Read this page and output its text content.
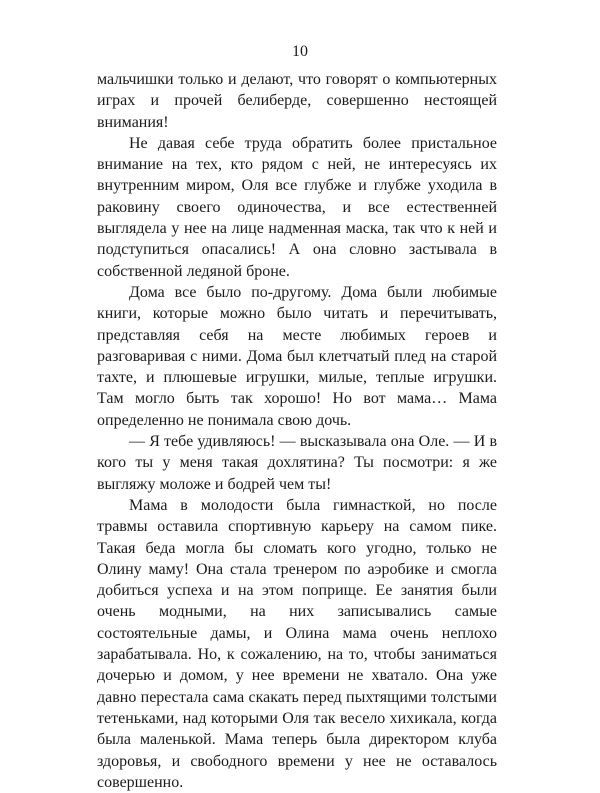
10

мальчишки только и делают, что говорят о компьютерных играх и прочей белиберде, совершенно нестоящей внимания!

Не давая себе труда обратить более пристальное внимание на тех, кто рядом с ней, не интересуясь их внутренним миром, Оля все глубже и глубже уходила в раковину своего одиночества, и все естественней выглядела у нее на лице надменная маска, так что к ней и подступиться опасались! А она словно застывала в собственной ледяной броне.

Дома все было по-другому. Дома были любимые книги, которые можно было читать и перечитывать, представляя себя на месте любимых героев и разговаривая с ними. Дома был клетчатый плед на старой тахте, и плюшевые игрушки, милые, теплые игрушки. Там могло быть так хорошо! Но вот мама… Мама определенно не понимала свою дочь.

— Я тебе удивляюсь! — высказывала она Оле. — И в кого ты у меня такая дохлятина? Ты посмотри: я же выгляжу моложе и бодрей чем ты!

Мама в молодости была гимнасткой, но после травмы оставила спортивную карьеру на самом пике. Такая беда могла бы сломать кого угодно, только не Олину маму! Она стала тренером по аэробике и смогла добиться успеха и на этом поприще. Ее занятия были очень модными, на них записывались самые состоятельные дамы, и Олина мама очень неплохо зарабатывала. Но, к сожалению, на то, чтобы заниматься дочерью и домом, у нее времени не хватало. Она уже давно перестала сама скакать перед пыхтящими толстыми тетеньками, над которыми Оля так весело хихикала, когда была маленькой. Мама теперь была директором клуба здоровья, и свободного времени у нее не оставалось совершенно.
